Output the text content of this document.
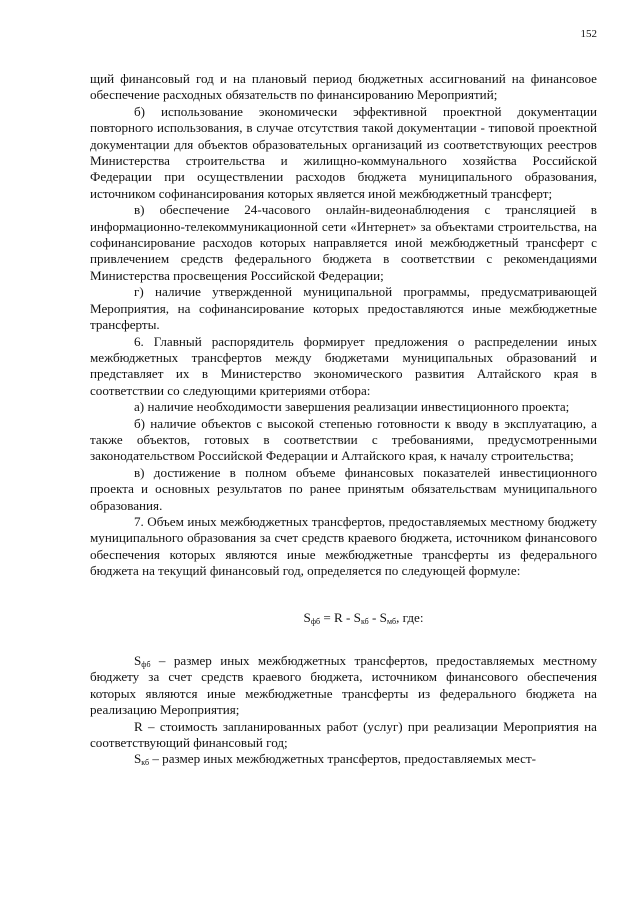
152

щий финансовый год и на плановый период бюджетных ассигнований на финансовое обеспечение расходных обязательств по финансированию Мероприятий;

б) использование экономически эффективной проектной документации повторного использования, в случае отсутствия такой документации - типовой проектной документации для объектов образовательных организаций из соответствующих реестров Министерства строительства и жилищно-коммунального хозяйства Российской Федерации при осуществлении расходов бюджета муниципального образования, источником софинансирования которых является иной межбюджетный трансферт;

в) обеспечение 24-часового онлайн-видеонаблюдения с трансляцией в информационно-телекоммуникационной сети «Интернет» за объектами строительства, на софинансирование расходов которых направляется иной межбюджетный трансферт с привлечением средств федерального бюджета в соответствии с рекомендациями Министерства просвещения Российской Федерации;

г) наличие утвержденной муниципальной программы, предусматривающей Мероприятия, на софинансирование которых предоставляются иные межбюджетные трансферты.

6. Главный распорядитель формирует предложения о распределении иных межбюджетных трансфертов между бюджетами муниципальных образований и представляет их в Министерство экономического развития Алтайского края в соответствии со следующими критериями отбора:

а) наличие необходимости завершения реализации инвестиционного проекта;

б) наличие объектов с высокой степенью готовности к вводу в эксплуатацию, а также объектов, готовых в соответствии с требованиями, предусмотренными законодательством Российской Федерации и Алтайского края, к началу строительства;

в) достижение в полном объеме финансовых показателей инвестиционного проекта и основных результатов по ранее принятым обязательствам муниципального образования.

7. Объем иных межбюджетных трансфертов, предоставляемых местному бюджету муниципального образования за счет средств краевого бюджета, источником финансового обеспечения которых являются иные межбюджетные трансферты из федерального бюджета на текущий финансовый год, определяется по следующей формуле:

$S_{фб} = R - S_{кб} - S_{мб}$, где:

$S_{фб}$ – размер иных межбюджетных трансфертов, предоставляемых местному бюджету за счет средств краевого бюджета, источником финансового обеспечения которых являются иные межбюджетные трансферты из федерального бюджета на реализацию Мероприятия;

R – стоимость запланированных работ (услуг) при реализации Мероприятия на соответствующий финансовый год;

$S_{кб}$ – размер иных межбюджетных трансфертов, предоставляемых мест-
